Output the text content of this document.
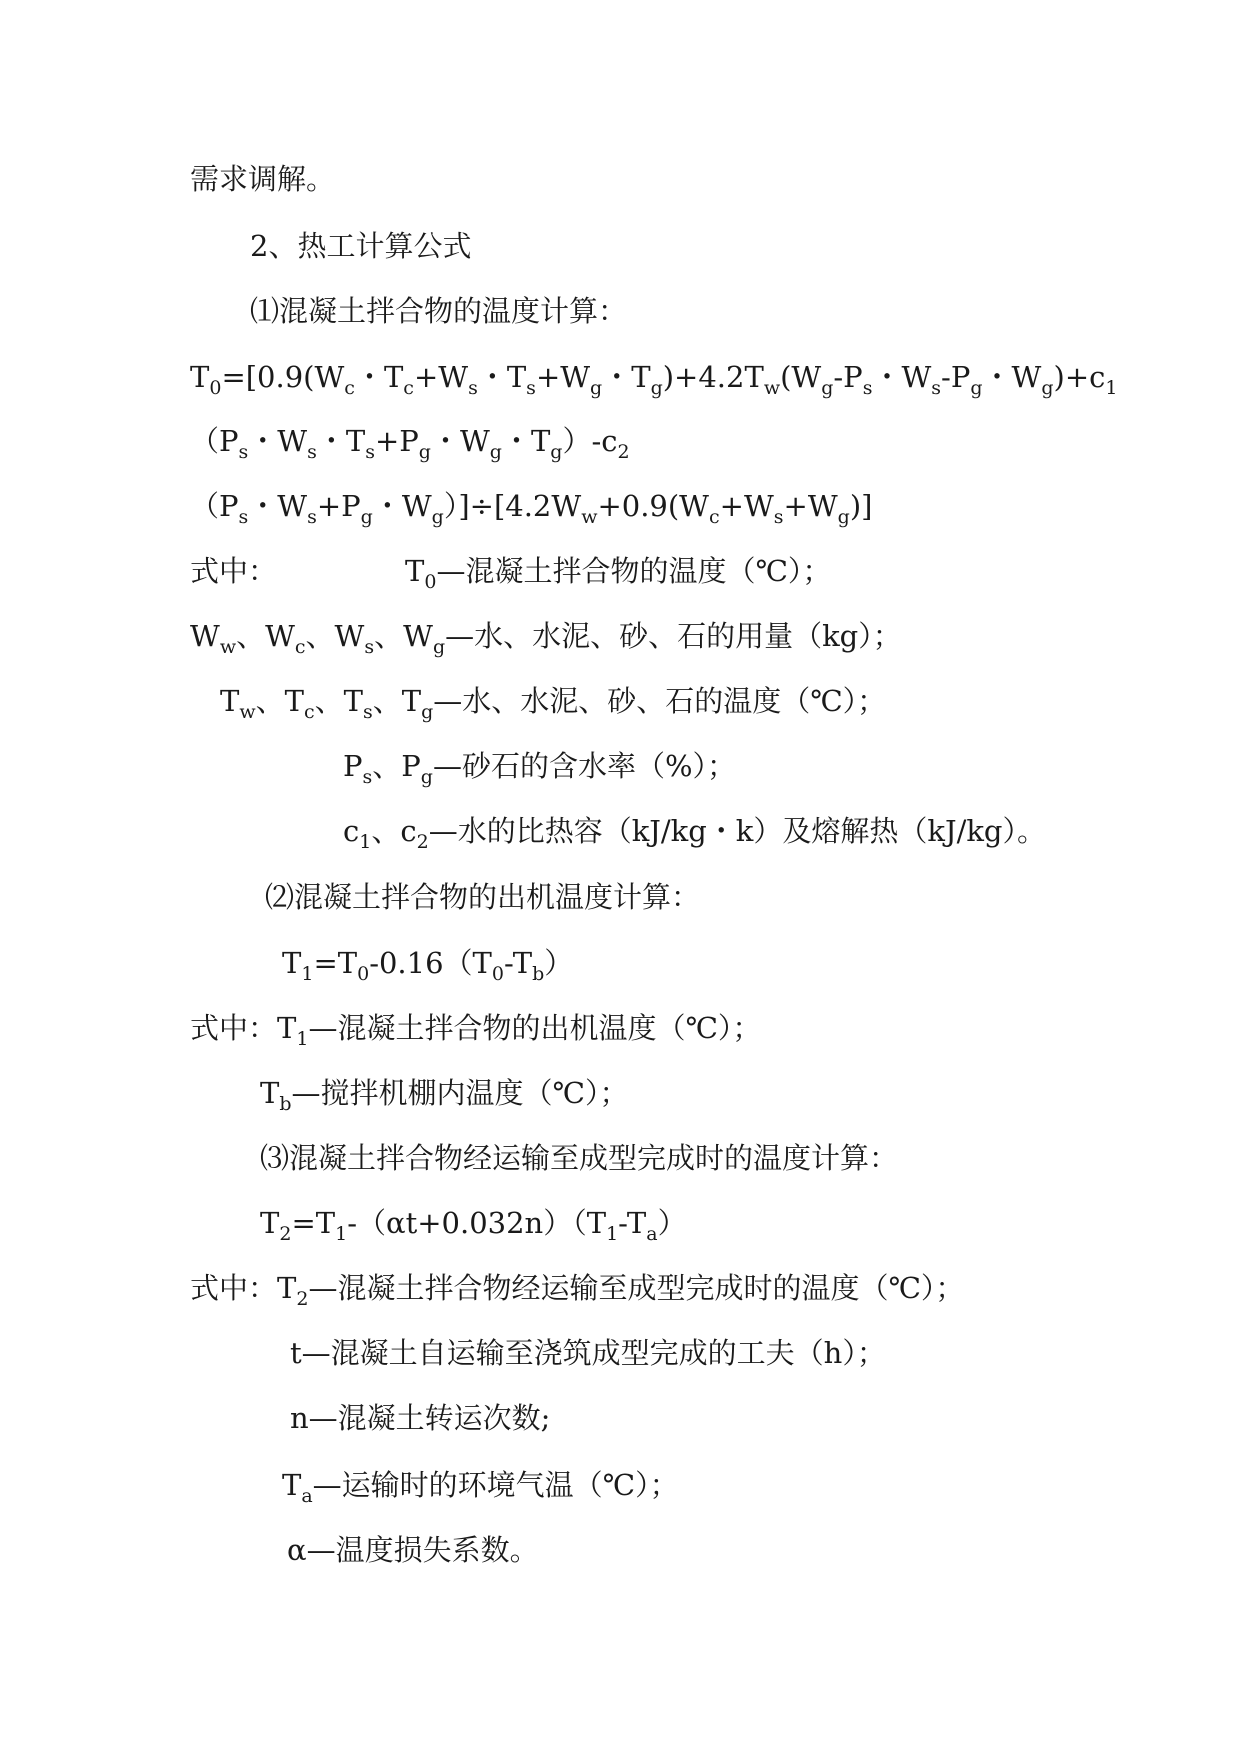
需求调解。
2、热工计算公式
⑴混凝土拌合物的温度计算：
$T_0=[0.9(W_c$・$T_c+W_s$・$T_s+W_g$・$T_g)+4.2T_w(W_g-P_s$・$W_s-P_g$・$W_g)+c_1$
（$P_s$・$W_s$・$T_s+P_g$・$W_g$・$T_g)-c_2$
（$P_s$・$W_s+P_g$・$W_g)]\div[4.2W_w+0.9(W_c+W_s+W_g)]$
式中：	$T_0—$混凝土拌合物的温度（℃）；
$W_w$、$W_c$、$W_s$、$W_g—$水、水泥、砂、石的用量（kg）；
$T_w$、$T_c$、$T_s$、$T_g—$水、水泥、砂、石的温度（℃）；
$P_s$、$P_g—$砂石的含水率（%）；
$c_1$、$c_2—$水的比热容（kJ/kg・k）及熔解热（kJ/kg）。
⑵混凝土拌合物的出机温度计算：
$T_1=T_0-0.16(T_0-T_b)$
式中：$T_1—$混凝土拌合物的出机温度（℃）；
$T_b—$搅拌机棚内温度（℃）；
⑶混凝土拌合物经运输至成型完成时的温度计算：
$T_2=T_1-(\alpha t+0.032n)(T_1-T_a)$
式中：$T_2—$混凝土拌合物经运输至成型完成时的温度（℃）；
t—混凝土自运输至浇筑成型完成的工夫（h）；
n—混凝土转运次数;
$T_a—$运输时的环境气温（℃）；
α—温度损失系数。
